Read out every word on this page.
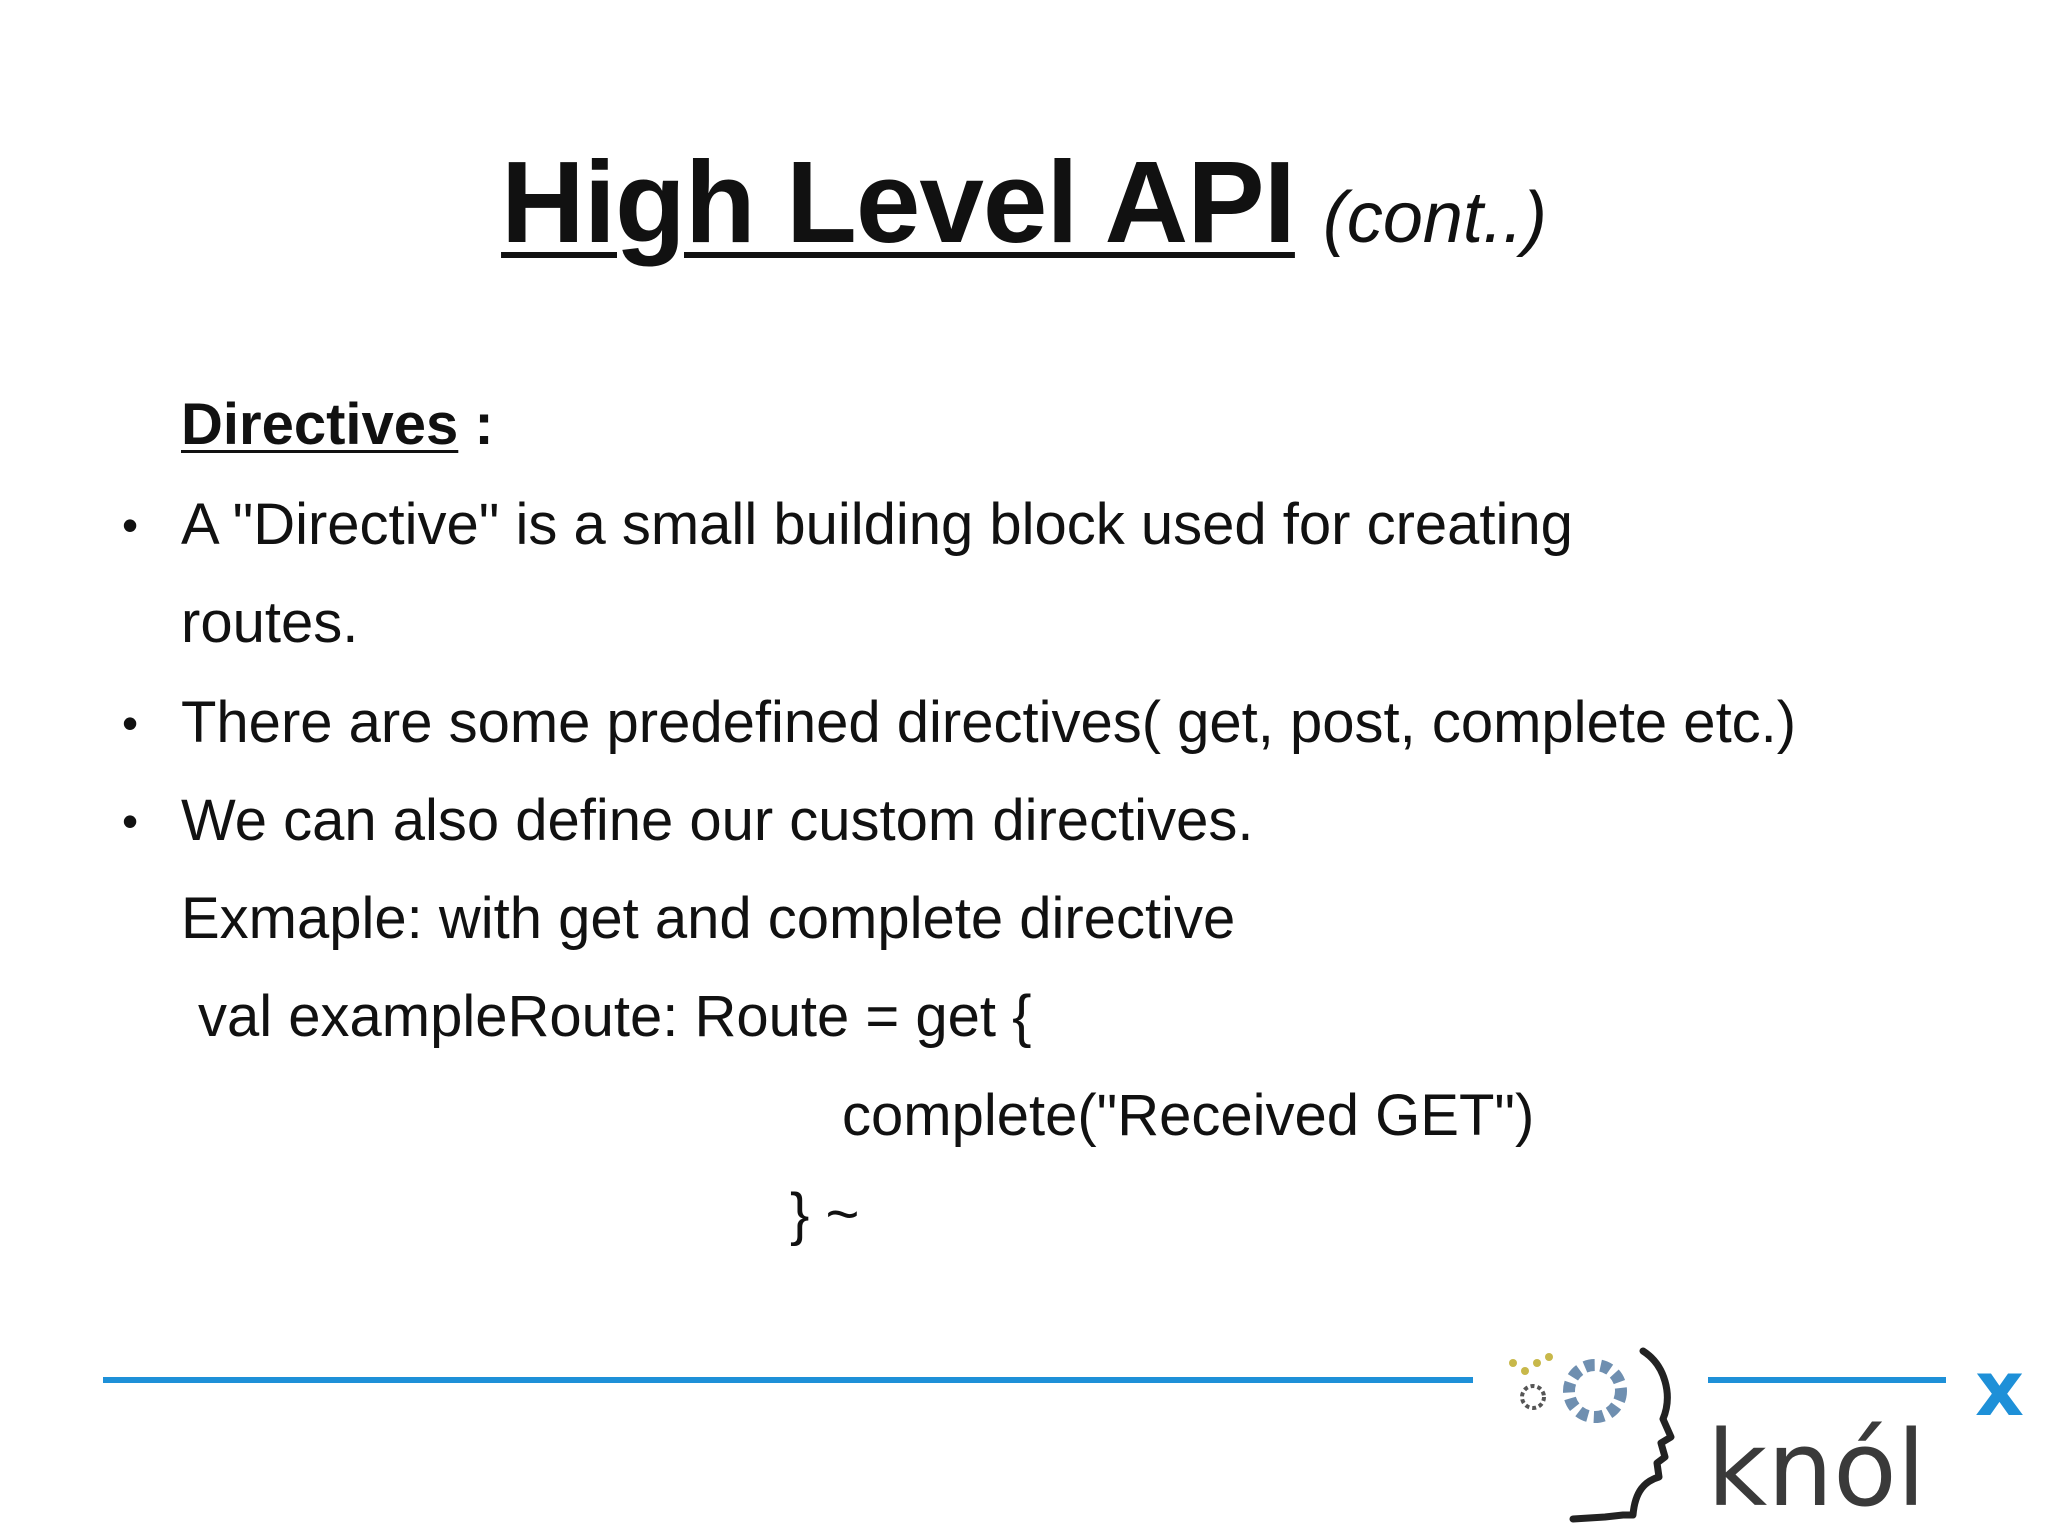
High Level API (cont..)
Directives :
• A "Directive" is a small building block used for creating
routes.
• There are some predefined directives( get, post, complete etc.)
• We can also define our custom directives.
Exmaple: with get and complete directive
val exampleRoute: Route = get {
complete("Received GET")
} ~
knól
x
